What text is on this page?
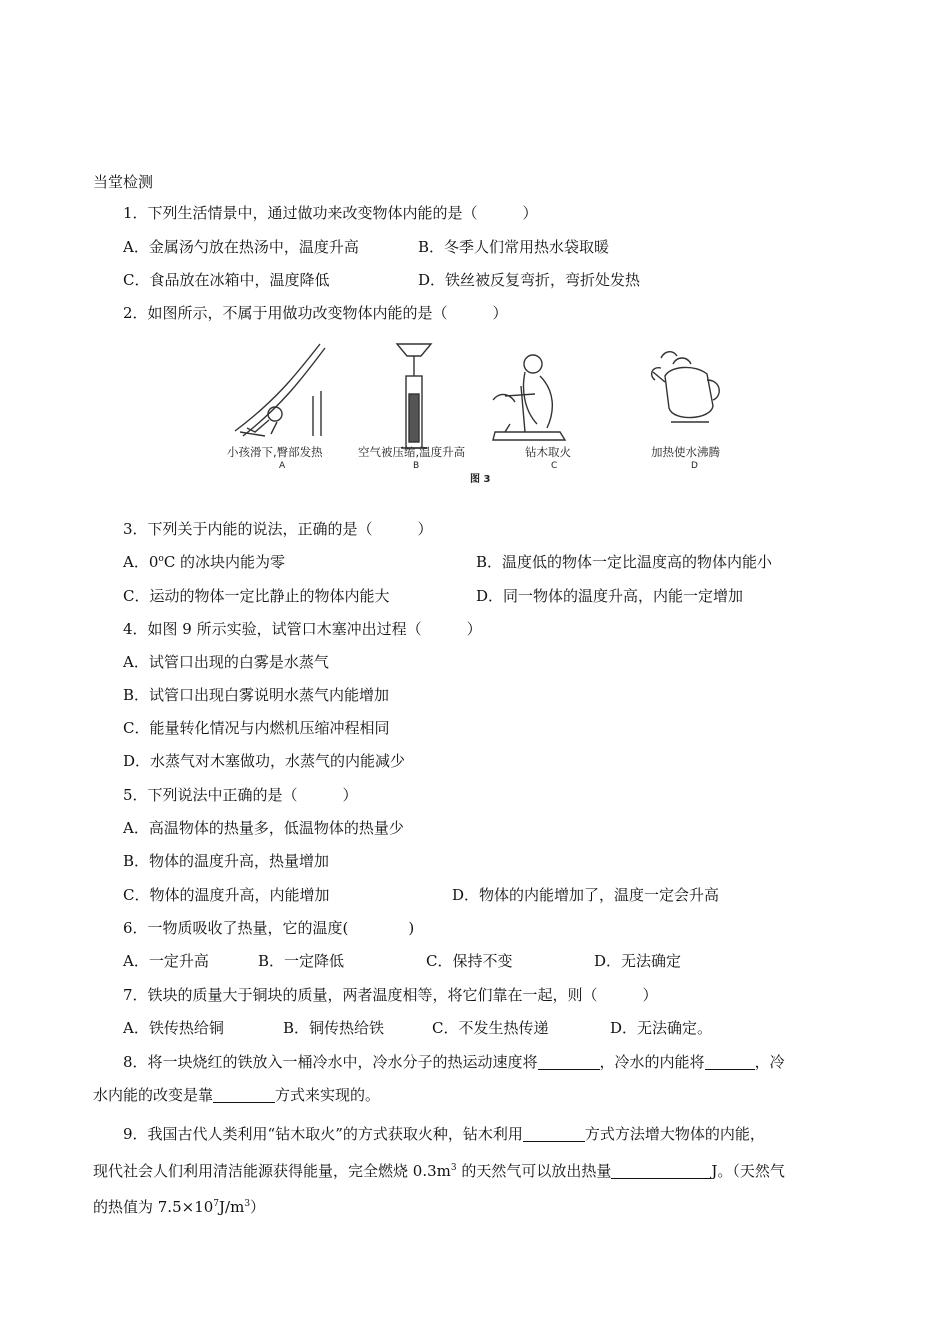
当堂检测
1．下列生活情景中，通过做功来改变物体内能的是（　　　）
A．金属汤勺放在热汤中，温度升高	B．冬季人们常用热水袋取暖
C．食品放在冰箱中，温度降低	D．铁丝被反复弯折，弯折处发热
2．如图所示，不属于用做功改变物体内能的是（　　　）
小孩滑下,臀部发热	空气被压缩,温度升高	钻木取火	加热使水沸腾
A	B	C	D
图 3
3．下列关于内能的说法，正确的是（　　　）
A．0$^o$C 的冰块内能为零	B．温度低的物体一定比温度高的物体内能小
C．运动的物体一定比静止的物体内能大	D．同一物体的温度升高，内能一定增加
4．如图 9 所示实验，试管口木塞冲出过程（　　　）
A．试管口出现的白雾是水蒸气
B．试管口出现白雾说明水蒸气内能增加
C．能量转化情况与内燃机压缩冲程相同
D．水蒸气对木塞做功，水蒸气的内能减少
5．下列说法中正确的是（　　　）
A．高温物体的热量多，低温物体的热量少
B．物体的温度升高，热量增加
C．物体的温度升高，内能增加	D．物体的内能增加了，温度一定会升高
6．一物质吸收了热量，它的温度(　　　　)
A．一定升高	B．一定降低	C．保持不变	D．无法确定
7．铁块的质量大于铜块的质量，两者温度相等，将它们靠在一起，则（　　　）
A．铁传热给铜	B．铜传热给铁	C．不发生热传递	D．无法确定。
8．将一块烧红的铁放入一桶冷水中，冷水分子的热运动速度将	，冷水的内能将	，冷
水内能的改变是靠	方式来实现的。
9．我国古代人类利用“钻木取火”的方式获取火种，钻木利用	方式方法增大物体的内能，
现代社会人们利用清洁能源获得能量，完全燃烧 $0.3m^3$ 的天然气可以放出热量	J。（天然气
的热值为 $7.5\times 10^7J/m^3$）
